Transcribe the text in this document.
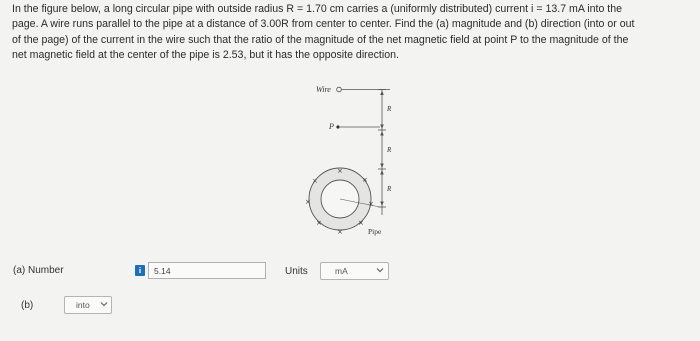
In the figure below, a long circular pipe with outside radius R = 1.70 cm carries a (uniformly distributed) current i = 13.7 mA into the

page. A wire runs parallel to the pipe at a distance of 3.00R from center to center. Find the (a) magnitude and (b) direction (into or out

of the page) of the current in the wire such that the ratio of the magnitude of the net magnetic field at point P to the magnitude of the

net magnetic field at the center of the pipe is 2.53, but it has the opposite direction.

Wire
R
R
R
P
×
×
×
×	×
×
×
×
Pipe
(a) Number	i
5.14	Units	mA
(b)	into
